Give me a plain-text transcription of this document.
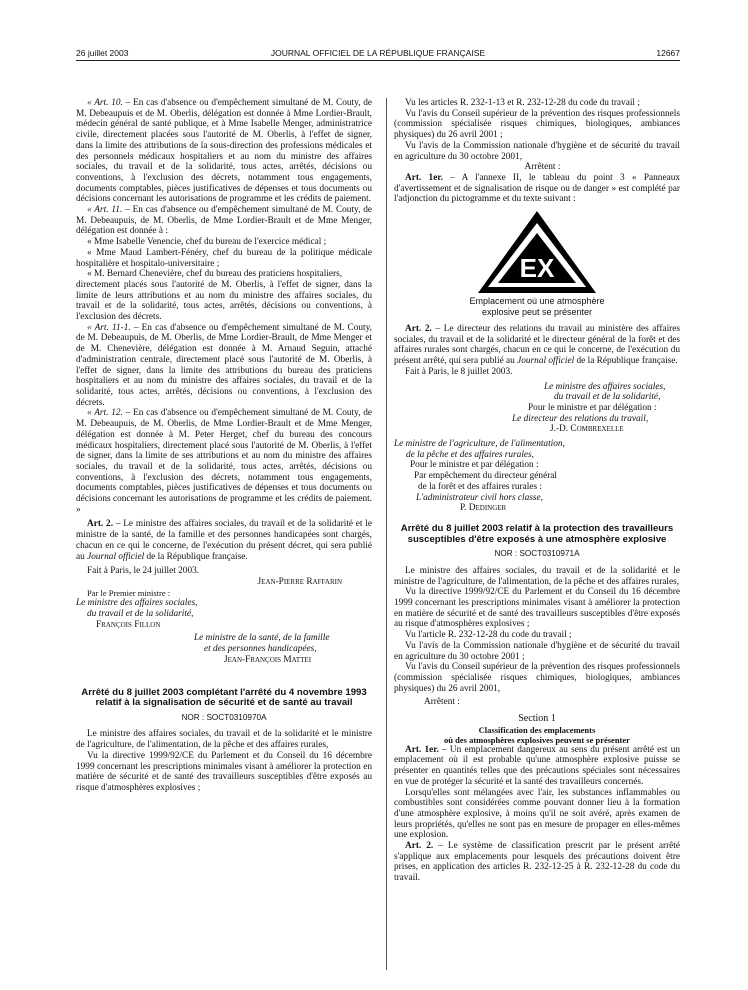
26 juillet 2003	JOURNAL OFFICIEL DE LA RÉPUBLIQUE FRANÇAISE	12667

« Art. 10. – En cas d'absence ou d'empêchement simultané de M. Couty, de M. Debeaupuis et de M. Oberlis, délégation est donnée à Mme Lordier-Brault, médecin général de santé publique, et à Mme Isabelle Menger, administratrice civile, directement placées sous l'autorité de M. Oberlis, à l'effet de signer, dans la limite des attributions de la sous-direction des professions médicales et des personnels médicaux hospitaliers et au nom du ministre des affaires sociales, du travail et de la solidarité, tous actes, arrêtés, décisions ou conventions, à l'exclusion des décrets, notamment tous engagements, documents comptables, pièces justificatives de dépenses et tous documents ou décisions concernant les autorisations de programme et les crédits de paiement.

« Art. 11. – En cas d'absence ou d'empêchement simultané de M. Couty, de M. Debeaupuis, de M. Oberlis, de Mme Lordier-Brault et de Mme Menger, délégation est donnée à :

« Mme Isabelle Venencie, chef du bureau de l'exercice médical ;

« Mme Maud Lambert-Fénéry, chef du bureau de la politique médicale hospitalière et hospitalo-universitaire ;

« M. Bernard Chenevière, chef du bureau des praticiens hospitaliers,

directement placés sous l'autorité de M. Oberlis, à l'effet de signer, dans la limite de leurs attributions et au nom du ministre des affaires sociales, du travail et de la solidarité, tous actes, arrêtés, décisions ou conventions, à l'exclusion des décrets.

« Art. 11-1. – En cas d'absence ou d'empêchement simultané de M. Couty, de M. Debeaupuis, de M. Oberlis, de Mme Lordier-Brault, de Mme Menger et de M. Chenevière, délégation est donnée à M. Arnaud Seguin, attaché d'administration centrale, directement placé sous l'autorité de M. Oberlis, à l'effet de signer, dans la limite des attributions du bureau des praticiens hospitaliers et au nom du ministre des affaires sociales, du travail et de la solidarité, tous actes, arrêtés, décisions ou conventions, à l'exclusion des décrets.

« Art. 12. – En cas d'absence ou d'empêchement simultané de M. Couty, de M. Debeaupuis, de M. Oberlis, de Mme Lordier-Brault et de Mme Menger, délégation est donnée à M. Peter Herget, chef du bureau des concours médicaux hospitaliers, directement placé sous l'autorité de M. Oberlis, à l'effet de signer, dans la limite de ses attributions et au nom du ministre des affaires sociales, du travail et de la solidarité, tous actes, arrêtés, décisions ou conventions, à l'exclusion des décrets, notamment tous engagements, documents comptables, pièces justificatives de dépenses et tous documents ou décisions concernant les autorisations de programme et les crédits de paiement. »

Art. 2. – Le ministre des affaires sociales, du travail et de la solidarité et le ministre de la santé, de la famille et des personnes handicapées sont chargés, chacun en ce qui le concerne, de l'exécution du présent décret, qui sera publié au Journal officiel de la République française.

Fait à Paris, le 24 juillet 2003.

Jean-Pierre Raffarin

Par le Premier ministre :

Le ministre des affaires sociales,

du travail et de la solidarité,

François Fillon

Le ministre de la santé, de la famille

et des personnes handicapées,

Jean-François Mattei

Arrêté du 8 juillet 2003 complétant l'arrêté du 4 novembre 1993 relatif à la signalisation de sécurité et de santé au travail
NOR : SOCT0310970A

Le ministre des affaires sociales, du travail et de la solidarité et le ministre de l'agriculture, de l'alimentation, de la pêche et des affaires rurales,

Vu la directive 1999/92/CE du Parlement et du Conseil du 16 décembre 1999 concernant les prescriptions minimales visant à améliorer la protection en matière de sécurité et de santé des travailleurs susceptibles d'être exposés au risque d'atmosphères explosives ;

Vu les articles R. 232-1-13 et R. 232-12-28 du code du travail ;

Vu l'avis du Conseil supérieur de la prévention des risques professionnels (commission spécialisée risques chimiques, biologiques, ambiances physiques) du 26 avril 2001 ;

Vu l'avis de la Commission nationale d'hygiène et de sécurité du travail en agriculture du 30 octobre 2001,

Arrêtent :

Art. 1er. – A l'annexe II, le tableau du point 3 « Panneaux d'avertissement et de signalisation de risque ou de danger » est complété par l'adjonction du pictogramme et du texte suivant :

EX
Emplacement où une atmosphère
explosive peut se présenter

Art. 2. – Le directeur des relations du travail au ministère des affaires sociales, du travail et de la solidarité et le directeur général de la forêt et des affaires rurales sont chargés, chacun en ce qui le concerne, de l'exécution du présent arrêté, qui sera publié au Journal officiel de la République française.

Fait à Paris, le 8 juillet 2003.

Le ministre des affaires sociales,

du travail et de la solidarité,

Pour le ministre et par délégation :

Le directeur des relations du travail,

J.-D. Combrexelle

Le ministre de l'agriculture, de l'alimentation,

de la pêche et des affaires rurales,

Pour le ministre et par délégation :

Par empêchement du directeur général

de la forêt et des affaires rurales :

L'administrateur civil hors classe,

P. Dedinger

Arrêté du 8 juillet 2003 relatif à la protection des travailleurs susceptibles d'être exposés à une atmosphère explosive
NOR : SOCT0310971A

Le ministre des affaires sociales, du travail et de la solidarité et le ministre de l'agriculture, de l'alimentation, de la pêche et des affaires rurales,

Vu la directive 1999/92/CE du Parlement et du Conseil du 16 décembre 1999 concernant les prescriptions minimales visant à améliorer la protection en matière de sécurité et de santé des travailleurs susceptibles d'être exposés au risque d'atmosphères explosives ;

Vu l'article R. 232-12-28 du code du travail ;

Vu l'avis de la Commission nationale d'hygiène et de sécurité du travail en agriculture du 30 octobre 2001 ;

Vu l'avis du Conseil supérieur de la prévention des risques professionnels (commission spécialisée risques chimiques, biologiques, ambiances physiques) du 26 avril 2001,

Arrêtent :

Section 1
Classification des emplacements
où des atmosphères explosives peuvent se présenter

Art. 1er. – Un emplacement dangereux au sens du présent arrêté est un emplacement où il est probable qu'une atmosphère explosive puisse se présenter en quantités telles que des précautions spéciales sont nécessaires en vue de protéger la sécurité et la santé des travailleurs concernés.

Lorsqu'elles sont mélangées avec l'air, les substances inflammables ou combustibles sont considérées comme pouvant donner lieu à la formation d'une atmosphère explosive, à moins qu'il ne soit avéré, après examen de leurs propriétés, qu'elles ne sont pas en mesure de propager en elles-mêmes une explosion.

Art. 2. – Le système de classification prescrit par le présent arrêté s'applique aux emplacements pour lesquels des précautions doivent être prises, en application des articles R. 232-12-25 à R. 232-12-28 du code du travail.
